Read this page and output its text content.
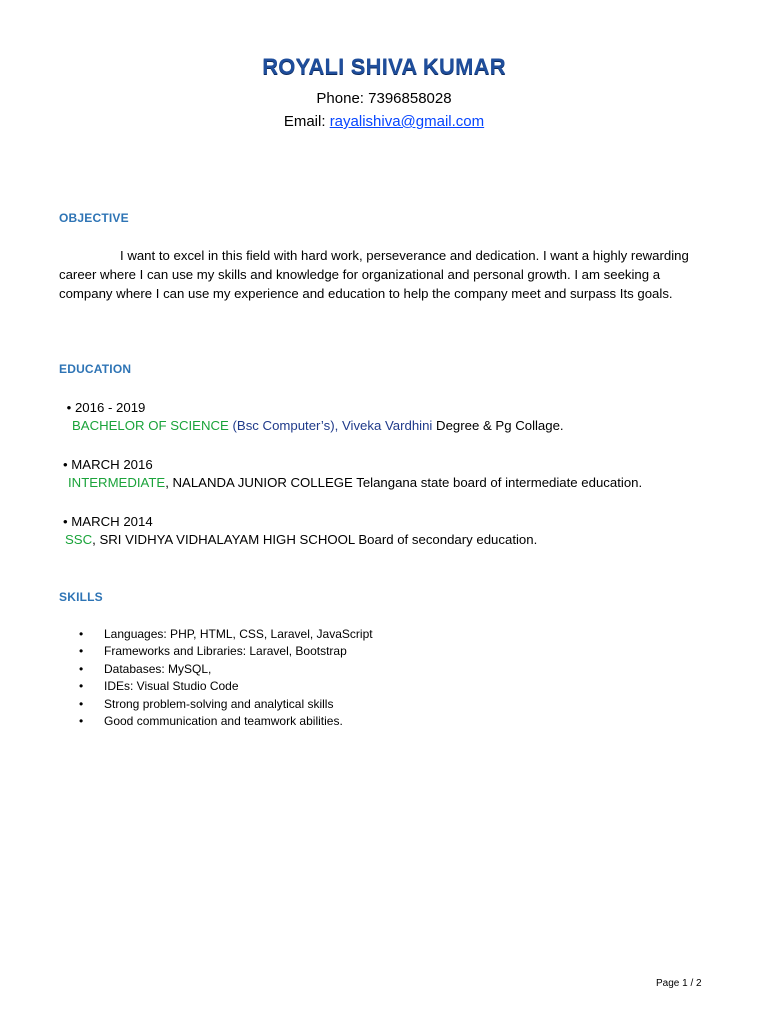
ROYALI SHIVA KUMAR
Phone: 7396858028
Email: rayalishiva@gmail.com
OBJECTIVE
I want to excel in this field with hard work, perseverance and dedication. I want a highly rewarding career where I can use my skills and knowledge for organizational and personal growth. I am seeking a company where I can use my experience and education to help the company meet and surpass Its goals.
EDUCATION
• 2016 - 2019
BACHELOR OF SCIENCE (Bsc Computer’s), Viveka Vardhini Degree & Pg Collage.
• MARCH 2016
INTERMEDIATE, NALANDA JUNIOR COLLEGE Telangana state board of intermediate education.
• MARCH 2014
SSC, SRI VIDHYA VIDHALAYAM HIGH SCHOOL Board of secondary education.
SKILLS
• Languages: PHP, HTML, CSS, Laravel, JavaScript
• Frameworks and Libraries: Laravel, Bootstrap
• Databases: MySQL,
• IDEs: Visual Studio Code
• Strong problem-solving and analytical skills
• Good communication and teamwork abilities.
Page 1 / 2
